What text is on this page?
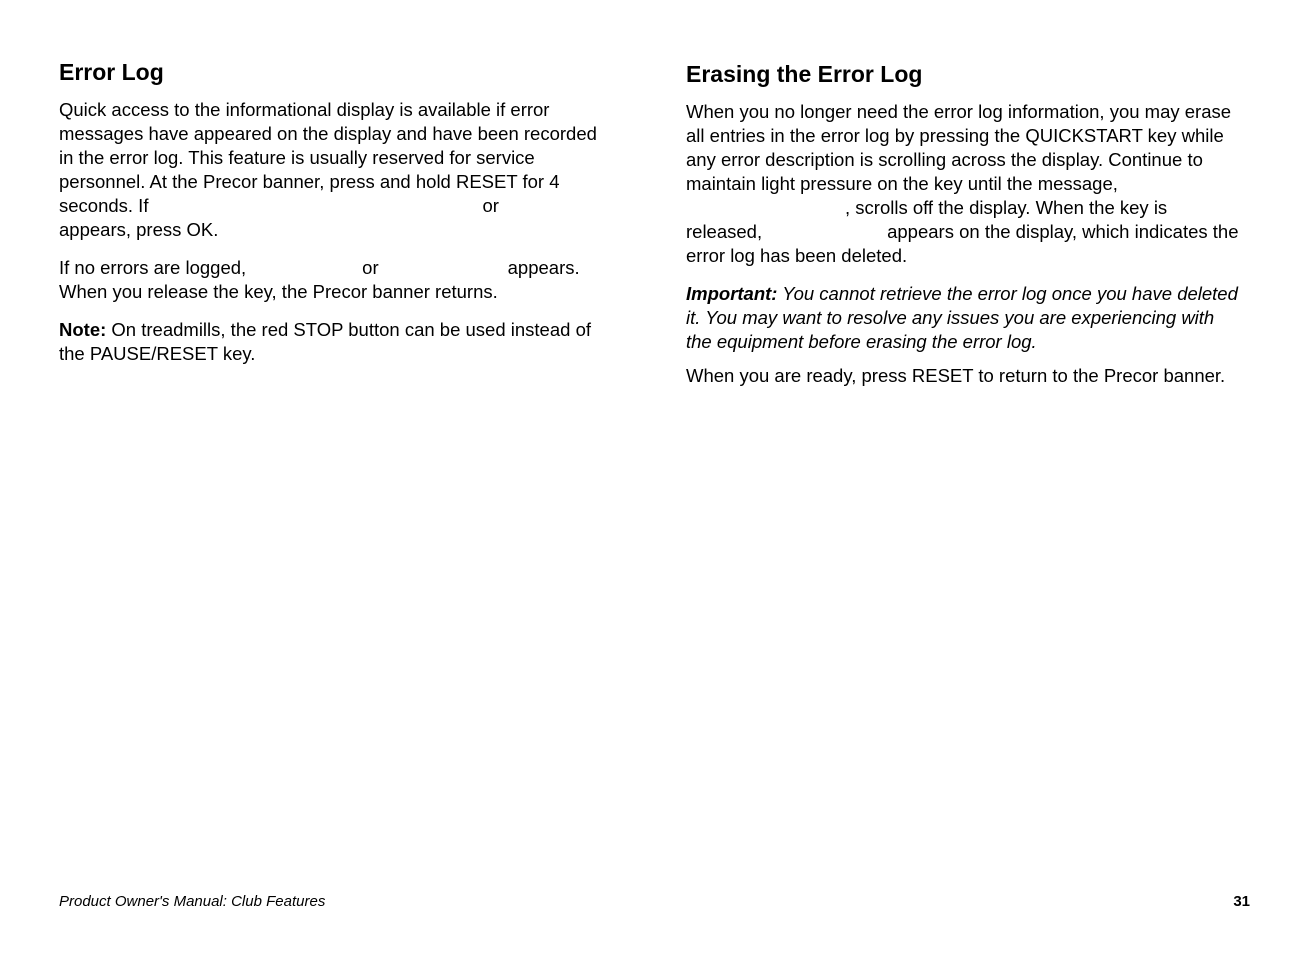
Error Log
Quick access to the informational display is available if error
messages have appeared on the display and have been recorded
in the error log. This feature is usually reserved for service
personnel. At the Precor banner, press and hold RESET for 4
seconds. If	or
appears, press OK.
If no errors are logged,	or	appears.
When you release the key, the Precor banner returns.
Note: On treadmills, the red STOP button can be used instead of
the PAUSE/RESET key.
Erasing the Error Log
When you no longer need the error log information, you may erase
all entries in the error log by pressing the QUICKSTART key while
any error description is scrolling across the display. Continue to
maintain light pressure on the key until the message,
, scrolls off the display. When the key is
released,	appears on the display, which indicates the
error log has been deleted.
Important: You cannot retrieve the error log once you have deleted
it. You may want to resolve any issues you are experiencing with
the equipment before erasing the error log.
When you are ready, press RESET to return to the Precor banner.
Product Owner's Manual: Club Features	31
